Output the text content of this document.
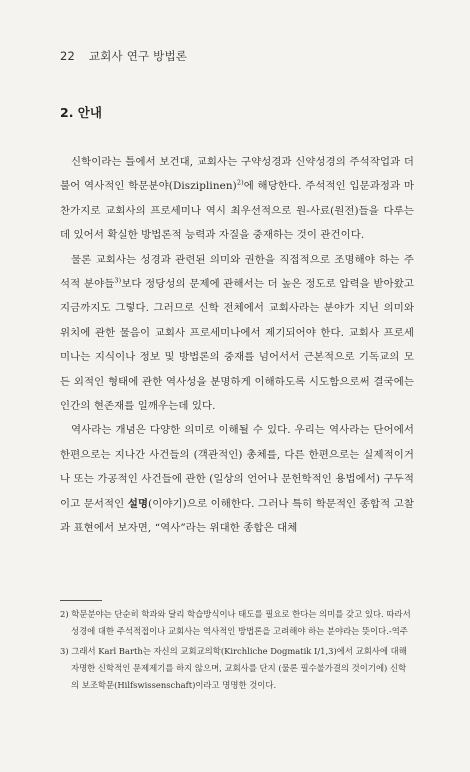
22 교회사 연구 방법론
2. 안내

신학이라는 틀에서 보건대, 교회사는 구약성경과 신약성경의 주석작업과 더불어 역사적인 학문분야(Disziplinen)$^{2)}$에 해당한다. 주석적인 입문과정과 마찬가지로 교회사의 프로세미나 역시 최우선적으로 원-사료(원전)들을 다루는 데 있어서 확실한 방법론적 능력과 자질을 중재하는 것이 관건이다.

물론 교회사는 성경과 관련된 의미와 권한을 직접적으로 조명해야 하는 주석적 분야들$^{3)}$보다 정당성의 문제에 관해서는 더 높은 정도로 압력을 받아왔고 지금까지도 그렇다. 그러므로 신학 전체에서 교회사라는 분야가 지닌 의미와 위치에 관한 물음이 교회사 프로세미나에서 제기되어야 한다. 교회사 프로세미나는 지식이나 정보 및 방법론의 중재를 넘어서서 근본적으로 기독교의 모든 외적인 형태에 관한 역사성을 분명하게 이해하도록 시도함으로써 결국에는 인간의 현존재를 일깨우는데 있다.

역사라는 개념은 다양한 의미로 이해될 수 있다. 우리는 역사라는 단어에서 한편으로는 지나간 사건들의 (객관적인) 총체를, 다른 한편으로는 실제적이거나 또는 가공적인 사건들에 관한 (일상의 언어나 문헌학적인 용법에서) 구두적이고 문서적인 설명(이야기)으로 이해한다. 그러나 특히 학문적인 종합적 고찰과 표현에서 보자면, “역사”라는 위대한 종합은 대체

2) 학문분야는 단순히 학과와 달리 학습방식이나 태도를 필요로 한다는 의미를 갖고 있다. 따라서 성경에 대한 주석적접이나 교회사는 역사적인 방법론을 고려해야 하는 분야라는 뜻이다.-역주
3) 그래서 Karl Barth는 자신의 교회교의학(Kirchliche Dogmatik I/1,3)에서 교회사에 대해 자명한 신학적인 문제제기를 하지 않으며, 교회사를 단지 (물론 필수불가결의 것이기에) 신학의 보조학문(Hilfswissenschaft)이라고 명명한 것이다.
